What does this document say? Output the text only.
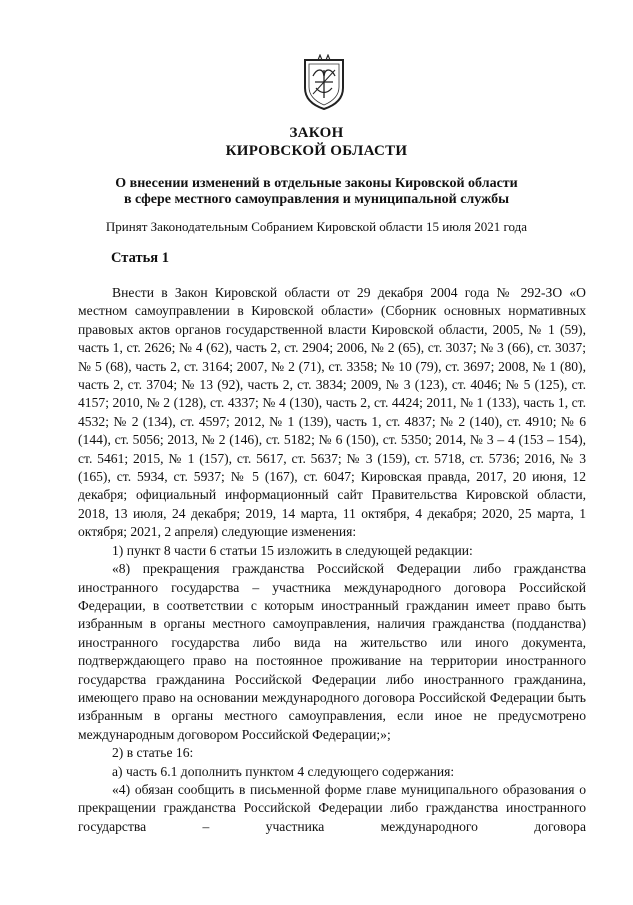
ЗАКОН
КИРОВСКОЙ ОБЛАСТИ
О внесении изменений в отдельные законы Кировской области
в сфере местного самоуправления и муниципальной службы
Принят Законодательным Собранием Кировской области 15 июля 2021 года
Статья 1

Внести в Закон Кировской области от 29 декабря 2004 года № 292-ЗО «О местном самоуправлении в Кировской области» (Сборник основных нормативных правовых актов органов государственной власти Кировской области, 2005, № 1 (59), часть 1, ст. 2626; № 4 (62), часть 2, ст. 2904; 2006, № 2 (65), ст. 3037; № 3 (66), ст. 3037; № 5 (68), часть 2, ст. 3164; 2007, № 2 (71), ст. 3358; № 10 (79), ст. 3697; 2008, № 1 (80), часть 2, ст. 3704; № 13 (92), часть 2, ст. 3834; 2009, № 3 (123), ст. 4046; № 5 (125), ст. 4157; 2010, № 2 (128), ст. 4337; № 4 (130), часть 2, ст. 4424; 2011, № 1 (133), часть 1, ст. 4532; № 2 (134), ст. 4597; 2012, № 1 (139), часть 1, ст. 4837; № 2 (140), ст. 4910; № 6 (144), ст. 5056; 2013, № 2 (146), ст. 5182; № 6 (150), ст. 5350; 2014, № 3 – 4 (153 – 154), ст. 5461; 2015, № 1 (157), ст. 5617, ст. 5637; № 3 (159), ст. 5718, ст. 5736; 2016, № 3 (165), ст. 5934, ст. 5937; № 5 (167), ст. 6047; Кировская правда, 2017, 20 июня, 12 декабря; официальный информационный сайт Правительства Кировской области, 2018, 13 июля, 24 декабря; 2019, 14 марта, 11 октября, 4 декабря; 2020, 25 марта, 1 октября; 2021, 2 апреля) следующие изменения:

1) пункт 8 части 6 статьи 15 изложить в следующей редакции:

«8) прекращения гражданства Российской Федерации либо гражданства иностранного государства – участника международного договора Российской Федерации, в соответствии с которым иностранный гражданин имеет право быть избранным в органы местного самоуправления, наличия гражданства (подданства) иностранного государства либо вида на жительство или иного документа, подтверждающего право на постоянное проживание на территории иностранного государства гражданина Российской Федерации либо иностранного гражданина, имеющего право на основании международного договора Российской Федерации быть избранным в органы местного самоуправления, если иное не предусмотрено международным договором Российской Федерации;»;

2) в статье 16:

а) часть 6.1 дополнить пунктом 4 следующего содержания:

«4) обязан сообщить в письменной форме главе муниципального образования о прекращении гражданства Российской Федерации либо гражданства иностранного государства – участника международного договора
